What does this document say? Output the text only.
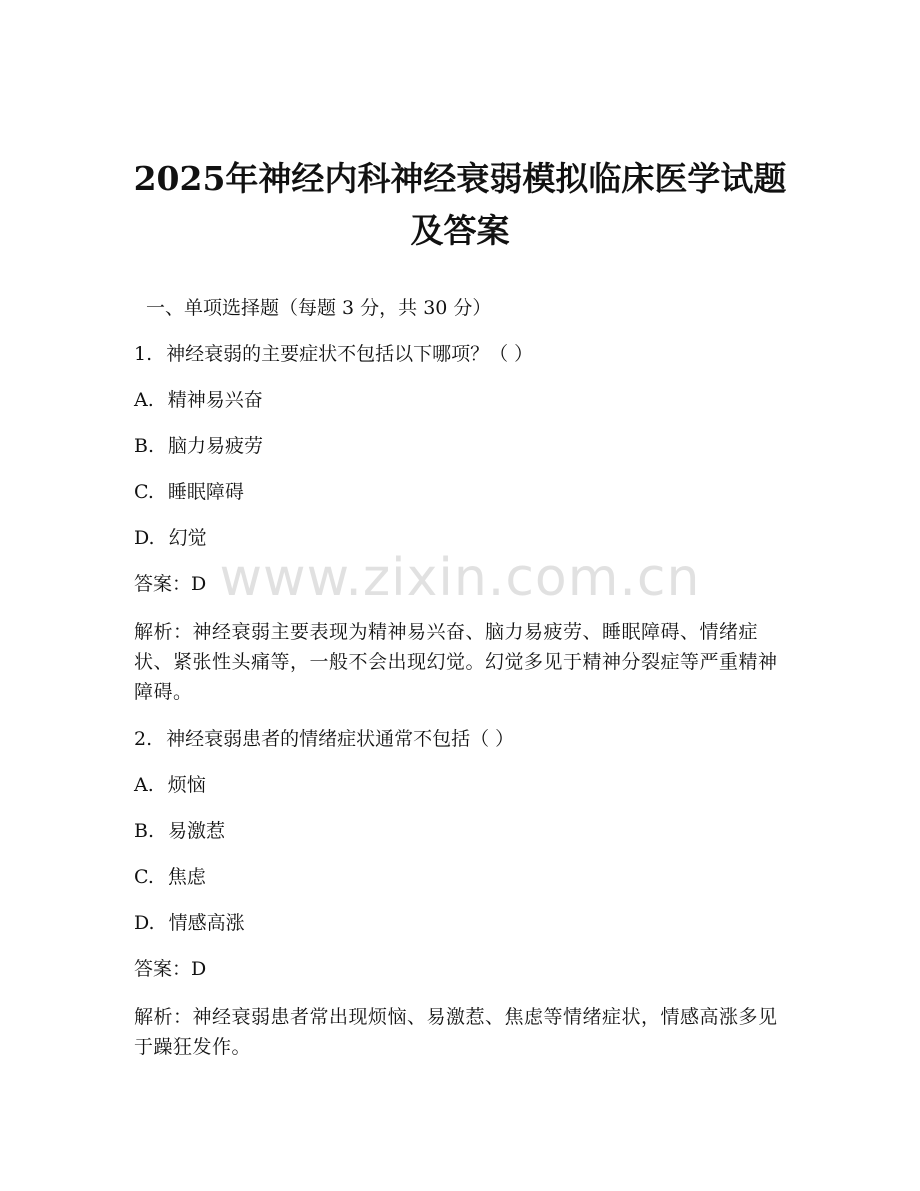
2025年神经内科神经衰弱模拟临床医学试题
及答案
www.zixin.com.cn
一、单项选择题（每题 3 分，共 30 分）
1. 神经衰弱的主要症状不包括以下哪项？（ ）
A. 精神易兴奋
B. 脑力易疲劳
C. 睡眠障碍
D. 幻觉
答案：D
解析：神经衰弱主要表现为精神易兴奋、脑力易疲劳、睡眠障碍、情绪症状、紧张性头痛等，一般不会出现幻觉。幻觉多见于精神分裂症等严重精神障碍。
2. 神经衰弱患者的情绪症状通常不包括（ ）
A. 烦恼
B. 易激惹
C. 焦虑
D. 情感高涨
答案：D
解析：神经衰弱患者常出现烦恼、易激惹、焦虑等情绪症状，情感高涨多见于躁狂发作。
